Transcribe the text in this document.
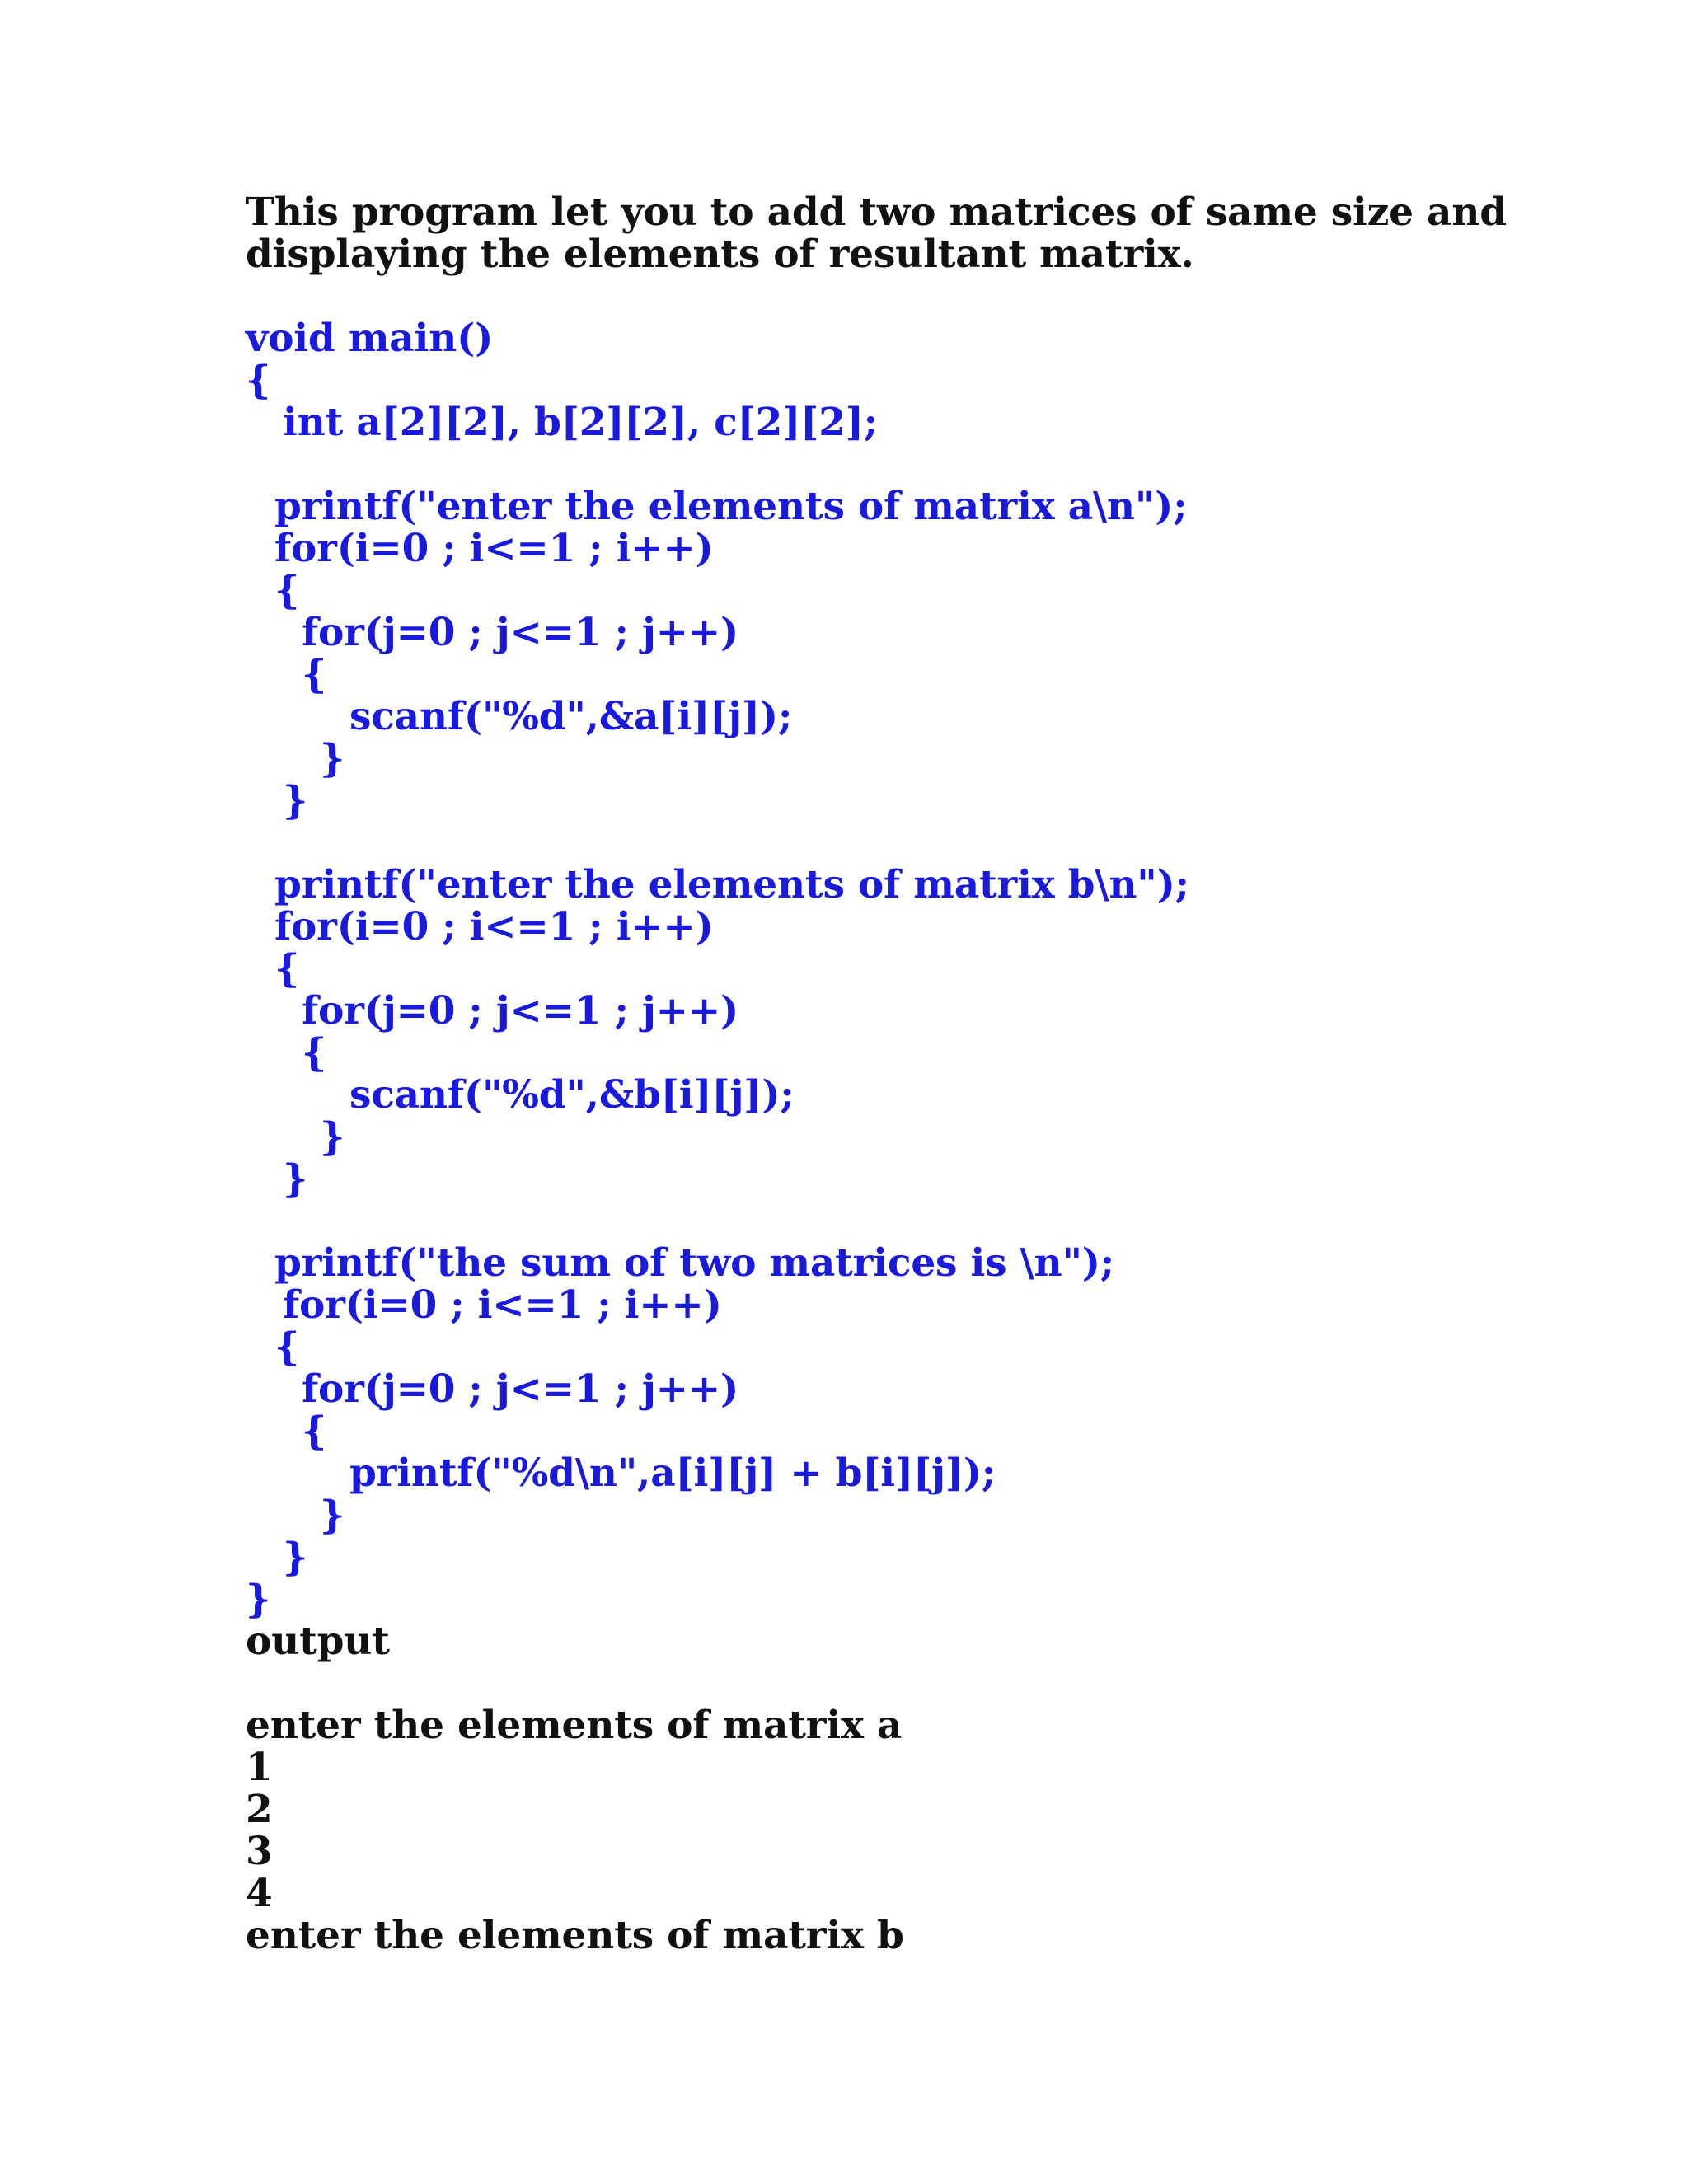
This program let you to add two matrices of same size and
displaying the elements of resultant matrix.
void main()
{
int a[2][2], b[2][2], c[2][2];
printf("enter the elements of matrix a\n");
for(i=0 ; i<=1 ; i++)
{
for(j=0 ; j<=1 ; j++)
{
scanf("%d",&a[i][j]);
}
}
printf("enter the elements of matrix b\n");
for(i=0 ; i<=1 ; i++)
{
for(j=0 ; j<=1 ; j++)
{
scanf("%d",&b[i][j]);
}
}
printf("the sum of two matrices is \n");
for(i=0 ; i<=1 ; i++)
{
for(j=0 ; j<=1 ; j++)
{
printf("%d\n",a[i][j] + b[i][j]);
}
}
}
output
enter the elements of matrix a
1
2
3
4
enter the elements of matrix b
